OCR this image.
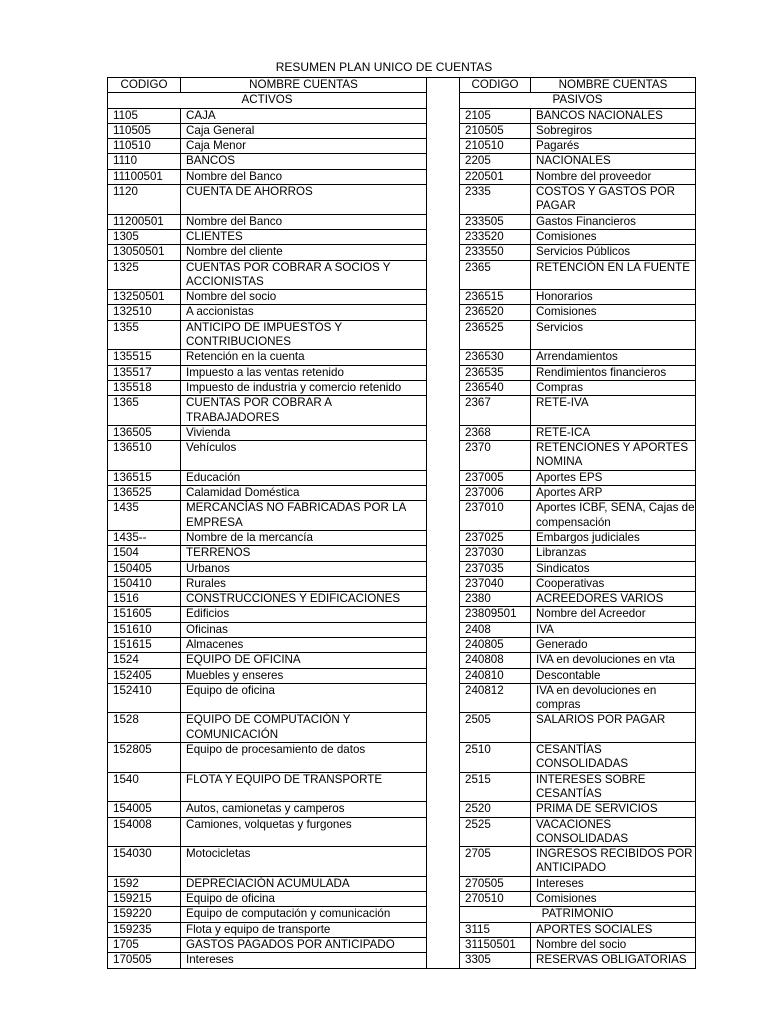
RESUMEN PLAN UNICO DE CUENTAS
CODIGO	NOMBRE CUENTAS		CODIGO	NOMBRE CUENTAS
ACTIVOS			PASIVOS	
1105	CAJA		2105	BANCOS NACIONALES
110505	Caja General		210505	Sobregiros
110510	Caja Menor		210510	Pagarés
1110	BANCOS		2205	NACIONALES
11100501	Nombre del Banco		220501	Nombre del proveedor
1120	CUENTA DE AHORROS		2335	COSTOS Y GASTOS POR PAGAR
11200501	Nombre del Banco		233505	Gastos Financieros
1305	CLIENTES		233520	Comisiones
13050501	Nombre del cliente		233550	Servicios Públicos
1325	CUENTAS POR COBRAR A SOCIOS Y ACCIONISTAS		2365	RETENCIÓN EN LA FUENTE
13250501	Nombre del socio		236515	Honorarios
132510	A accionistas		236520	Comisiones
1355	ANTICIPO DE IMPUESTOS Y CONTRIBUCIONES		236525	Servicios
135515	Retención en la cuenta		236530	Arrendamientos
135517	Impuesto a las ventas retenido		236535	Rendimientos financieros
135518	Impuesto de industria y comercio retenido		236540	Compras
1365	CUENTAS POR COBRAR A TRABAJADORES		2367	RETE-IVA
136505	Vivienda		2368	RETE-ICA
136510	Vehículos		2370	RETENCIONES Y APORTES NOMINA
136515	Educación		237005	Aportes EPS
136525	Calamidad Doméstica		237006	Aportes ARP
1435	MERCANCÍAS NO FABRICADAS POR LA EMPRESA		237010	Aportes ICBF, SENA, Cajas de compensación
1435--	Nombre de la mercancía		237025	Embargos judiciales
1504	TERRENOS		237030	Libranzas
150405	Urbanos		237035	Sindicatos
150410	Rurales		237040	Cooperativas
1516	CONSTRUCCIONES Y EDIFICACIONES		2380	ACREEDORES VARIOS
151605	Edificios		23809501	Nombre del Acreedor
151610	Oficinas		2408	IVA
151615	Almacenes		240805	Generado
1524	EQUIPO DE OFICINA		240808	IVA en devoluciones en vta
152405	Muebles y enseres		240810	Descontable
152410	Equipo de oficina		240812	IVA en devoluciones en compras
1528	EQUIPO DE COMPUTACIÓN Y COMUNICACIÓN		2505	SALARIOS POR PAGAR
152805	Equipo de procesamiento de datos		2510	CESANTÍAS CONSOLIDADAS
1540	FLOTA Y EQUIPO DE TRANSPORTE		2515	INTERESES SOBRE CESANTÍAS
154005	Autos, camionetas y camperos		2520	PRIMA DE SERVICIOS
154008	Camiones, volquetas y furgones		2525	VACACIONES CONSOLIDADAS
154030	Motocicletas		2705	INGRESOS RECIBIDOS POR ANTICIPADO
1592	DEPRECIACIÓN ACUMULADA		270505	Intereses
159215	Equipo de oficina		270510	Comisiones
159220	Equipo de computación y comunicación		PATRIMONIO	
159235	Flota y equipo de transporte		3115	APORTES SOCIALES
1705	GASTOS PAGADOS POR ANTICIPADO		31150501	Nombre del socio
170505	Intereses		3305	RESERVAS OBLIGATORIAS
